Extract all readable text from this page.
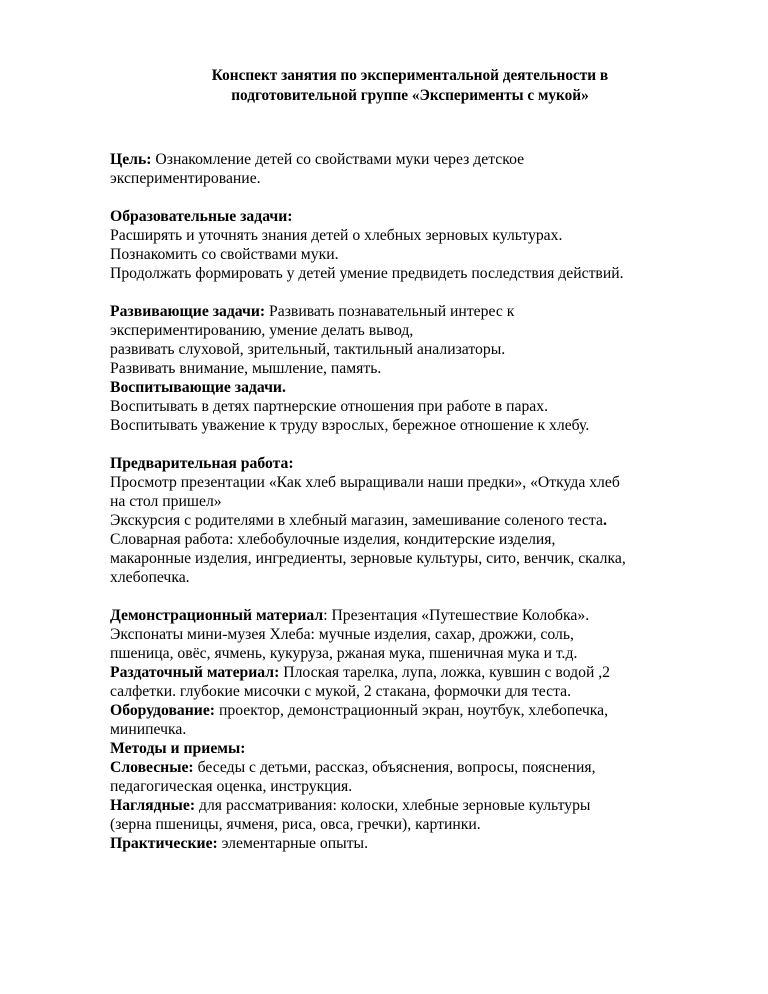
Конспект занятия по экспериментальной деятельности в
подготовительной группе «Эксперименты с мукой»
Цель: Ознакомление детей со свойствами муки через детское
экспериментирование.
Образовательные задачи:
Расширять и уточнять знания детей о хлебных зерновых культурах.
Познакомить со свойствами муки.
Продолжать формировать у детей умение предвидеть последствия действий.
Развивающие задачи: Развивать познавательный интерес к
экспериментированию, умение делать вывод,
развивать слуховой, зрительный, тактильный анализаторы.
Развивать внимание, мышление, память.
Воспитывающие задачи.
Воспитывать в детях партнерские отношения при работе в парах.
Воспитывать уважение к труду взрослых, бережное отношение к хлебу.
Предварительная работа:
Просмотр презентации «Как хлеб выращивали наши предки», «Откуда хлеб
на стол пришел»
Экскурсия с родителями в хлебный магазин, замешивание соленого теста.
Словарная работа: хлебобулочные изделия, кондитерские изделия,
макаронные изделия, ингредиенты, зерновые культуры, сито, венчик, скалка,
хлебопечка.
Демонстрационный материал: Презентация «Путешествие Колобка».
Экспонаты мини-музея Хлеба: мучные изделия, сахар, дрожжи, соль,
пшеница, овёс, ячмень, кукуруза, ржаная мука, пшеничная мука и т.д.
Раздаточный материал: Плоская тарелка, лупа, ложка, кувшин с водой ,2
салфетки. глубокие мисочки с мукой, 2 стакана, формочки для теста.
Оборудование: проектор, демонстрационный экран, ноутбук, хлебопечка,
минипечка.
Методы и приемы:
Словесные: беседы с детьми, рассказ, объяснения, вопросы, пояснения,
педагогическая оценка, инструкция.
Наглядные: для рассматривания: колоски, хлебные зерновые культуры
(зерна пшеницы, ячменя, риса, овса, гречки), картинки.
Практические: элементарные опыты.
